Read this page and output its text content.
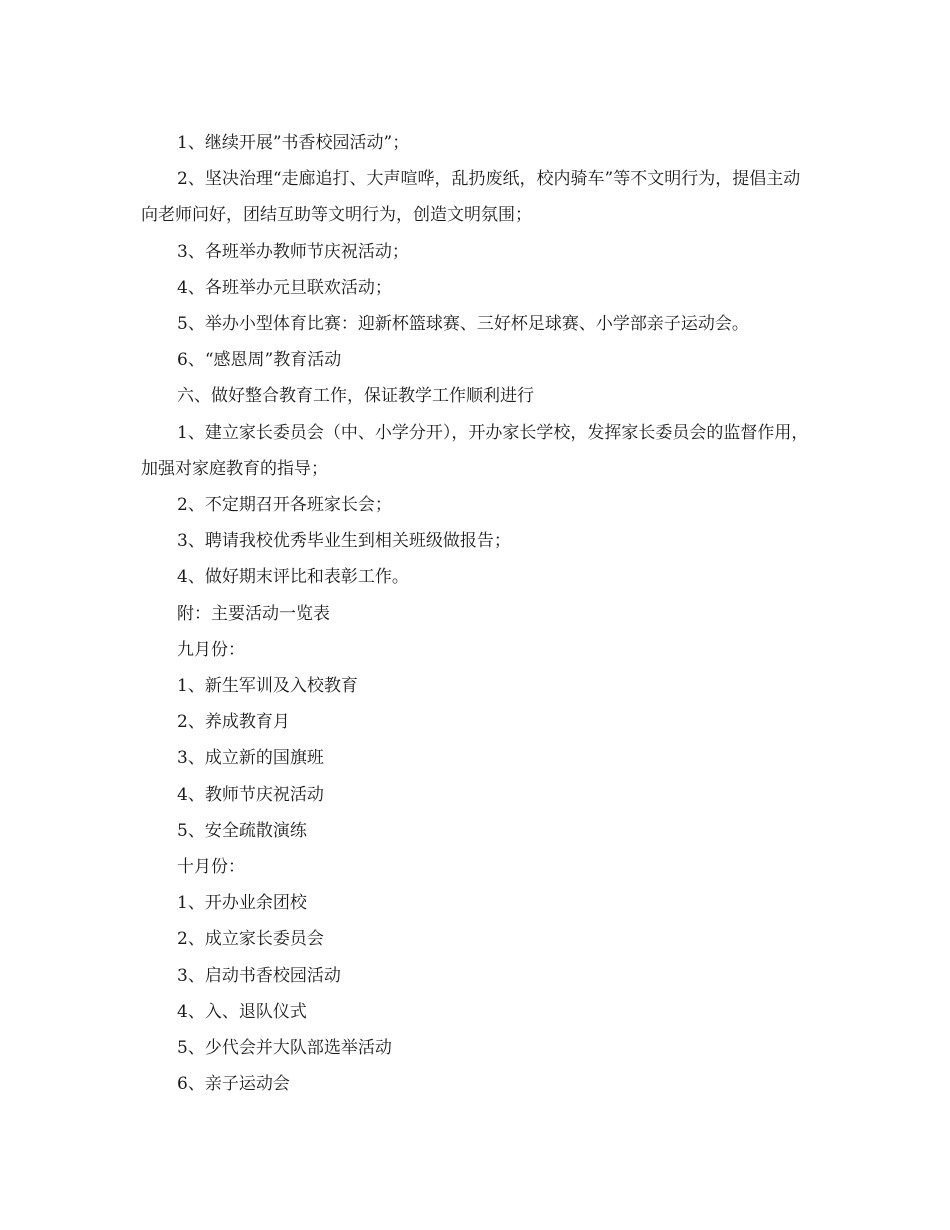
1、继续开展”书香校园活动”；

2、坚决治理“走廊追打、大声喧哗，乱扔废纸，校内骑车”等不文明行为，提倡主动向老师问好，团结互助等文明行为，创造文明氛围；

3、各班举办教师节庆祝活动；

4、各班举办元旦联欢活动；

5、举办小型体育比赛：迎新杯篮球赛、三好杯足球赛、小学部亲子运动会。

6、“感恩周”教育活动

六、做好整合教育工作，保证教学工作顺利进行

1、建立家长委员会（中、小学分开），开办家长学校，发挥家长委员会的监督作用，加强对家庭教育的指导；

2、不定期召开各班家长会；

3、聘请我校优秀毕业生到相关班级做报告；

4、做好期末评比和表彰工作。

附：主要活动一览表

九月份：

1、新生军训及入校教育

2、养成教育月

3、成立新的国旗班

4、教师节庆祝活动

5、安全疏散演练

十月份：

1、开办业余团校

2、成立家长委员会

3、启动书香校园活动

4、入、退队仪式

5、少代会并大队部选举活动

6、亲子运动会
